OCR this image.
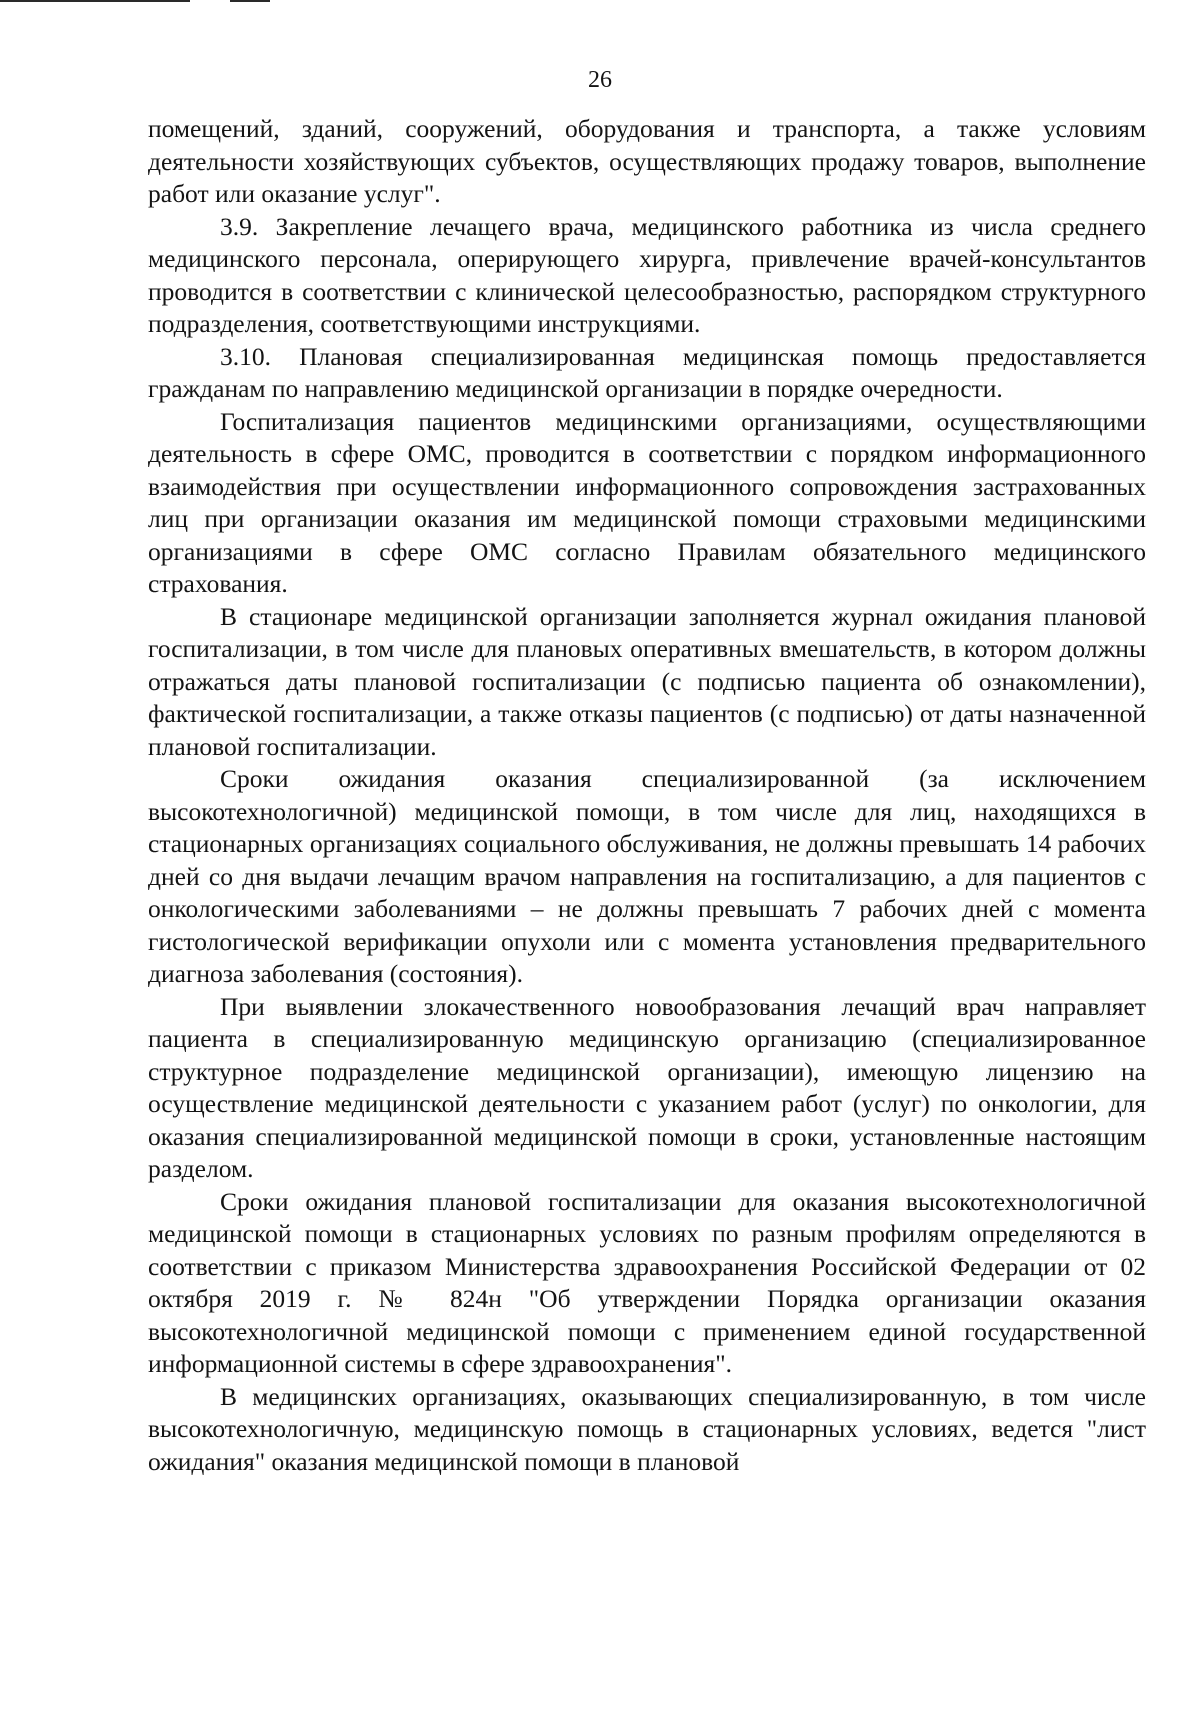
26

помещений, зданий, сооружений, оборудования и транспорта, а также условиям деятельности хозяйствующих субъектов, осуществляющих продажу товаров, выполнение работ или оказание услуг".

3.9. Закрепление лечащего врача, медицинского работника из числа среднего медицинского персонала, оперирующего хирурга, привлечение врачей-консультантов проводится в соответствии с клинической целесообразностью, распорядком структурного подразделения, соответствующими инструкциями.

3.10. Плановая специализированная медицинская помощь предоставляется гражданам по направлению медицинской организации в порядке очередности.

Госпитализация пациентов медицинскими организациями, осуществляющими деятельность в сфере ОМС, проводится в соответствии с порядком информационного взаимодействия при осуществлении информационного сопровождения застрахованных лиц при организации оказания им медицинской помощи страховыми медицинскими организациями в сфере ОМС согласно Правилам обязательного медицинского страхования.

В стационаре медицинской организации заполняется журнал ожидания плановой госпитализации, в том числе для плановых оперативных вмешательств, в котором должны отражаться даты плановой госпитализации (с подписью пациента об ознакомлении), фактической госпитализации, а также отказы пациентов (с подписью) от даты назначенной плановой госпитализации.

Сроки ожидания оказания специализированной (за исключением высокотехнологичной) медицинской помощи, в том числе для лиц, находящихся в стационарных организациях социального обслуживания, не должны превышать 14 рабочих дней со дня выдачи лечащим врачом направления на госпитализацию, а для пациентов с онкологическими заболеваниями – не должны превышать 7 рабочих дней с момента гистологической верификации опухоли или с момента установления предварительного диагноза заболевания (состояния).

При выявлении злокачественного новообразования лечащий врач направляет пациента в специализированную медицинскую организацию (специализированное структурное подразделение медицинской организации), имеющую лицензию на осуществление медицинской деятельности с указанием работ (услуг) по онкологии, для оказания специализированной медицинской помощи в сроки, установленные настоящим разделом.

Сроки ожидания плановой госпитализации для оказания высокотехнологичной медицинской помощи в стационарных условиях по разным профилям определяются в соответствии с приказом Министерства здравоохранения Российской Федерации от 02 октября 2019 г. № 824н "Об утверждении Порядка организации оказания высокотехнологичной медицинской помощи с применением единой государственной информационной системы в сфере здравоохранения".

В медицинских организациях, оказывающих специализированную, в том числе высокотехнологичную, медицинскую помощь в стационарных условиях, ведется "лист ожидания" оказания медицинской помощи в плановой
